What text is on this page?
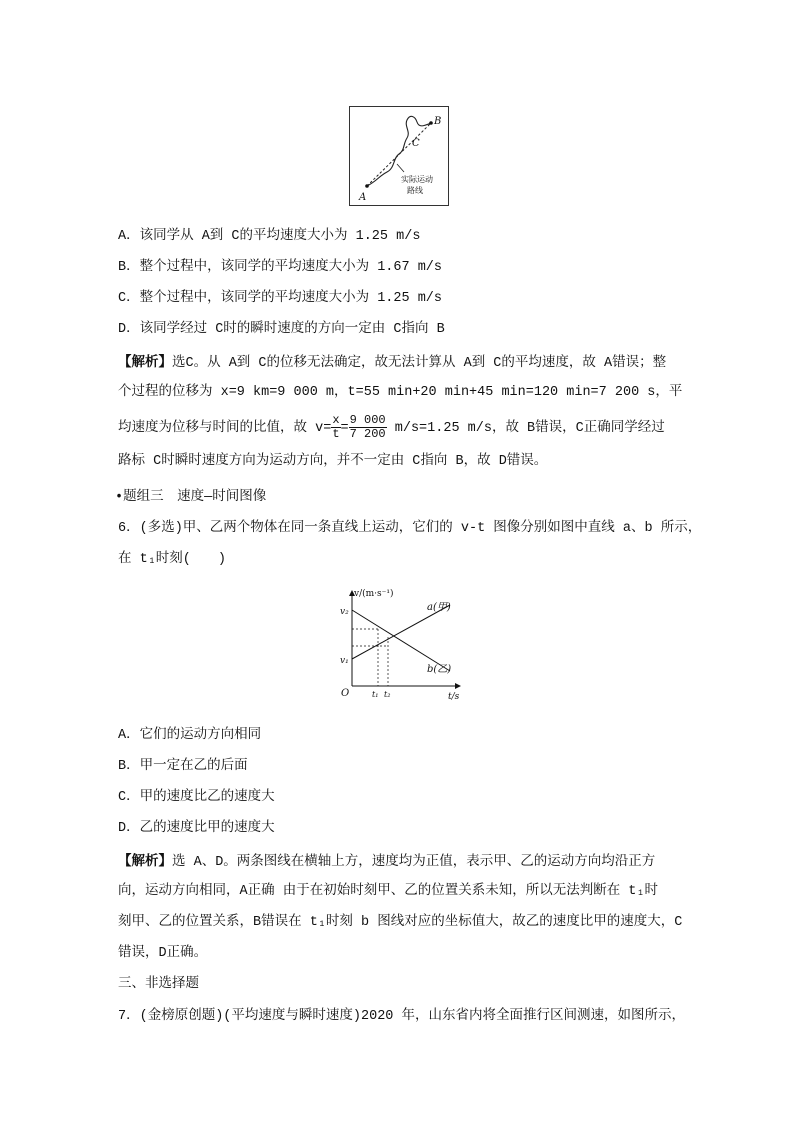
A
B
C
实际运动
路线
A．该同学从 A到 C的平均速度大小为 1.25 m/s
B．整个过程中，该同学的平均速度大小为 1.67 m/s
C．整个过程中，该同学的平均速度大小为 1.25 m/s
D．该同学经过 C时的瞬时速度的方向一定由 C指向 B
【解析】选C。从 A到 C的位移无法确定，故无法计算从 A到 C的平均速度，故 A错误；整
个过程的位移为 x=9 km=9 000 m，t=55 min+20 min+45 min=120 min=7 200 s，平
均速度为位移与时间的比值，故 $v= \frac{x}{t} = \frac{9 000}{7 200} m/s=1.25$ m/s，故 B错误，C正确同学经过
路标 C时瞬时速度方向为运动方向，并不一定由 C指向 B，故 D错误。
•题组三　速度—时间图像
6．(多选)甲、乙两个物体在同一条直线上运动，它们的 v-t 图像分别如图中直线 a、b 所示，
在 t₁时刻(　　)
v/(m·s⁻¹)
t/s
O
v₂
v₁
t₁ t₂
a(甲)
b(乙)
A．它们的运动方向相同
B．甲一定在乙的后面
C．甲的速度比乙的速度大
D．乙的速度比甲的速度大
【解析】选 A、D。两条图线在横轴上方，速度均为正值，表示甲、乙的运动方向均沿正方
向，运动方向相同，A正确 由于在初始时刻甲、乙的位置关系未知，所以无法判断在 t₁时
刻甲、乙的位置关系，B错误在 t₁时刻 b 图线对应的坐标值大，故乙的速度比甲的速度大，C
错误，D正确。
三、非选择题
7．(金榜原创题)(平均速度与瞬时速度)2020 年，山东省内将全面推行区间测速，如图所示，
